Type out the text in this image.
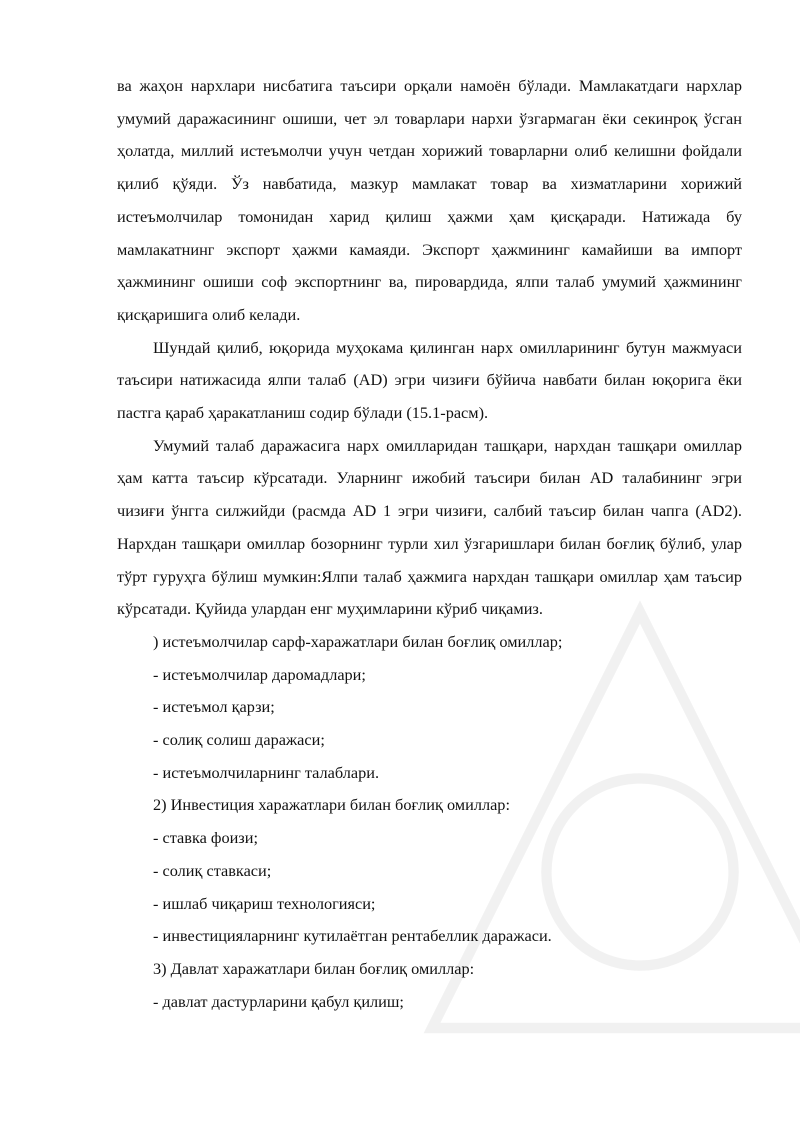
ва жаҳон нархлари нисбатига таъсири орқали намоён бўлади. Мамлакатдаги нархлар умумий даражасининг ошиши, чет эл товарлари нархи ўзгармаган ёки секинроқ ўсган ҳолатда, миллий истеъмолчи учун четдан хорижий товарларни олиб келишни фойдали қилиб қўяди. Ўз навбатида, мазкур мамлакат товар ва хизматларини хорижий истеъмолчилар томонидан харид қилиш ҳажми ҳам қисқаради. Натижада бу мамлакатнинг экспорт ҳажми камаяди. Экспорт ҳажмининг камайиши ва импорт ҳажмининг ошиши соф экспортнинг ва, пировардида, ялпи талаб умумий ҳажмининг қисқаришига олиб келади.

Шундай қилиб, юқорида муҳокама қилинган нарх омилларининг бутун мажмуаси таъсири натижасида ялпи талаб (AD) эгри чизиғи бўйича навбати билан юқорига ёки пастга қараб ҳаракатланиш содир бўлади (15.1-расм).

Умумий талаб даражасига нарх омилларидан ташқари, нархдан ташқари омиллар ҳам катта таъсир кўрсатади. Уларнинг ижобий таъсири билан AD талабининг эгри чизиғи ўнгга силжийди (расмда AD 1 эгри чизиғи, салбий таъсир билан чапга (AD2). Нархдан ташқари омиллар бозорнинг турли хил ўзгаришлари билан боғлиқ бўлиб, улар тўрт гуруҳга бўлиш мумкин:Ялпи талаб ҳажмига нархдан ташқари омиллар ҳам таъсир кўрсатади. Қуйида улардан енг муҳимларини кўриб чиқамиз.

) истеъмолчилар сарф-харажатлари билан боғлиқ омиллар;

- истеъмолчилар даромадлари;

- истеъмол қарзи;

- солиқ солиш даражаси;

- истеъмолчиларнинг талаблари.

2) Инвестиция харажатлари билан боғлиқ омиллар:

- ставка фоизи;

- солиқ ставкаси;

- ишлаб чиқариш технологияси;

- инвестицияларнинг кутилаётган рентабеллик даражаси.

3) Давлат харажатлари билан боғлиқ омиллар:

- давлат дастурларини қабул қилиш;
